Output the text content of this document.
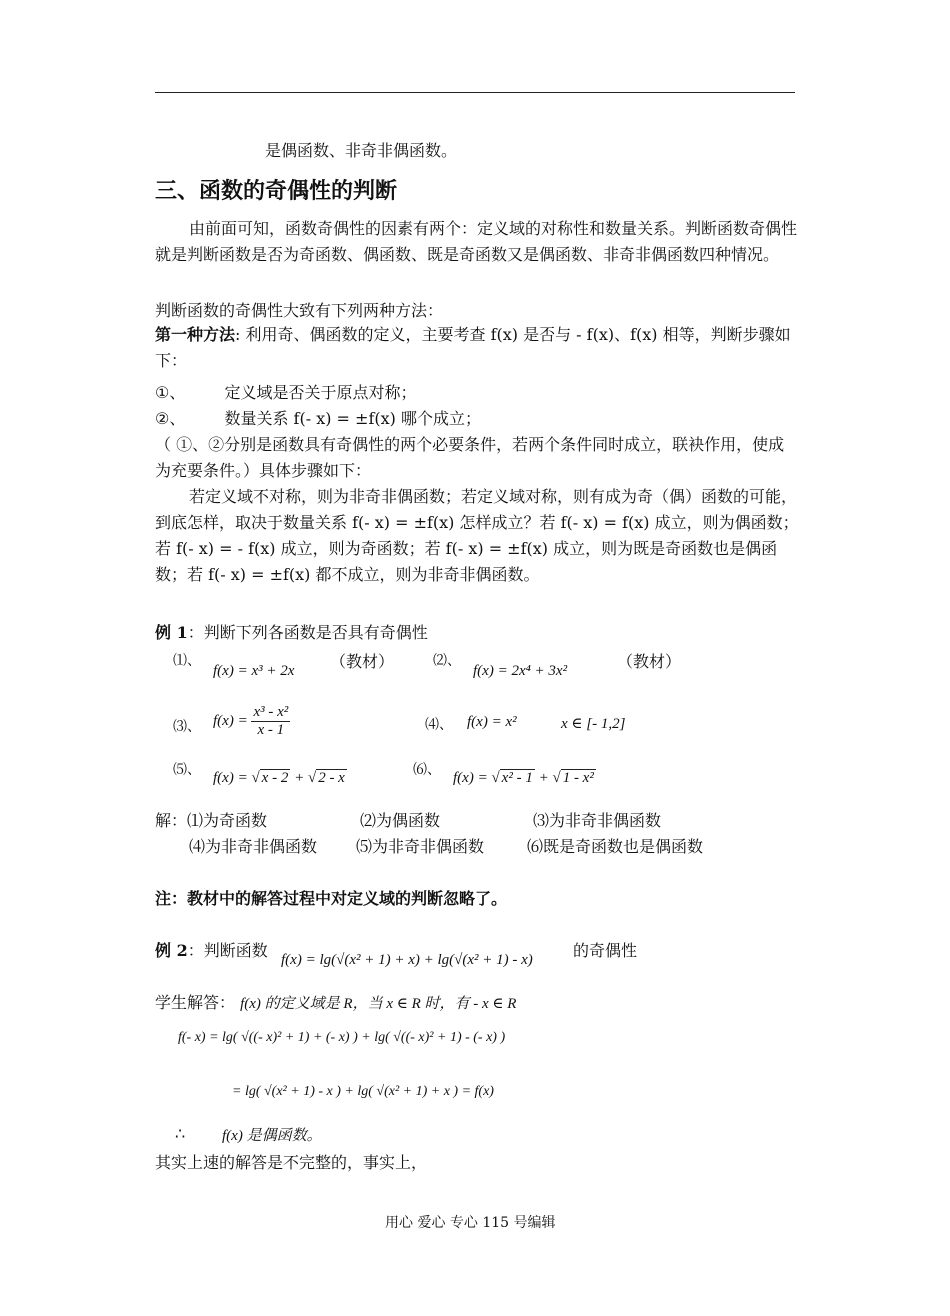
是偶函数、非奇非偶函数。
三、函数的奇偶性的判断
由前面可知，函数奇偶性的因素有两个：定义域的对称性和数量关系。判断函数奇偶性就是判断函数是否为奇函数、偶函数、既是奇函数又是偶函数、非奇非偶函数四种情况。
判断函数的奇偶性大致有下列两种方法：
第一种方法: 利用奇、偶函数的定义，主要考查 f(x) 是否与 - f(x)、f(x) 相等，判断步骤如下：
①、 定义域是否关于原点对称；
②、 数量关系 f(- x) = ±f(x) 哪个成立；
（ ①、②分别是函数具有奇偶性的两个必要条件，若两个条件同时成立，联袂作用，使成为充要条件。）具体步骤如下：
若定义域不对称，则为非奇非偶函数；若定义域对称，则有成为奇（偶）函数的可能，到底怎样，取决于数量关系 f(- x) = ±f(x) 怎样成立？若 f(- x) = f(x) 成立，则为偶函数；若 f(- x) = - f(x) 成立，则为奇函数；若 f(- x) = ±f(x) 成立，则为既是奇函数也是偶函数；若 f(- x) = ±f(x) 都不成立，则为非奇非偶函数。
例 1：判断下列各函数是否具有奇偶性
⑴、
f(x) = x³ + 2x （教材）	⑵、
f(x) = 2x⁴ + 3x²	（教材）
⑶、 $f(x) = \frac{\text{x³ - x²}}{x - 1}$	⑷、 f(x) = x²	x ∈ [- 1,2]
⑸、 f(x) = √ x - 2 + √ 2 - x	⑹、 f(x) = √ x² - 1 + √ 1 - x²
解：⑴为奇函数	⑵为偶函数	⑶为非奇非偶函数
⑷为非奇非偶函数 ⑸为非奇非偶函数	⑹既是奇函数也是偶函数
注：教材中的解答过程中对定义域的判断忽略了。
例 2：判断函数 f(x) = lg(√(x² + 1) + x) + lg(√(x² + 1) - x)	的奇偶性
学生解答： f(x) 的定义域是 R，当 x ∈ R 时，有 - x ∈ R
f(- x) = lg( √((- x)² + 1) + (- x) ) + lg( √((- x)² + 1) - (- x) )
= lg( √(x² + 1) - x ) + lg( √(x² + 1) + x ) = f(x)
∴ f(x) 是偶函数。
其实上速的解答是不完整的，事实上，
用心 爱心 专心 115 号编辑
